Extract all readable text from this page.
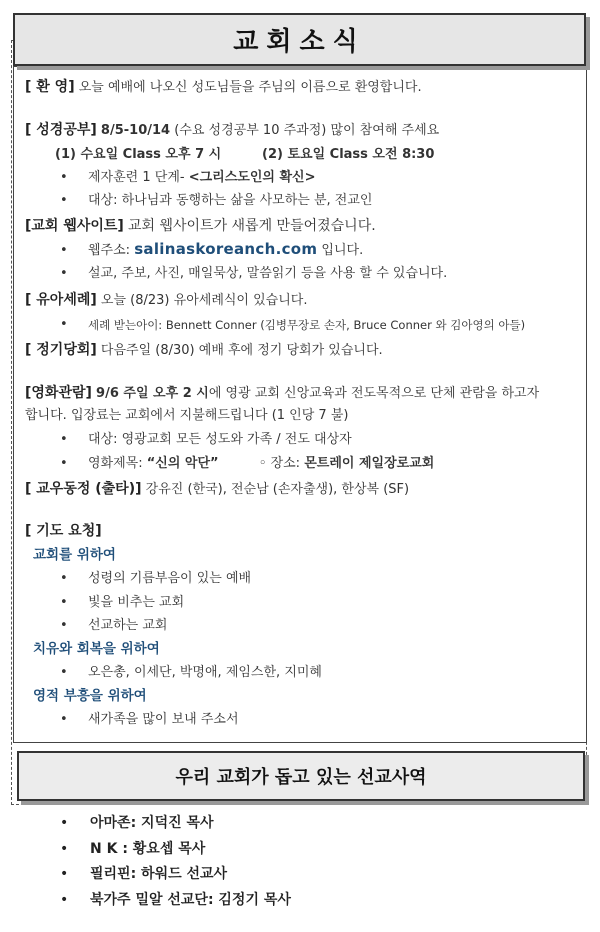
교회소식
[ 환 영] 오늘 예배에 나오신 성도님들을 주님의 이름으로 환영합니다.
[ 성경공부] 8/5-10/14 (수요 성경공부 10 주과정) 많이 참여해 주세요
(1) 수요일 Class 오후 7 시	(2) 토요일 Class 오전 8:30
• 제자훈련 1 단계- <그리스도인의 확신>
• 대상: 하나님과 동행하는 삶을 사모하는 분, 전교인
[교회 웹사이트] 교회 웹사이트가 새롭게 만들어졌습니다.
• 웹주소: salinaskoreanch.com 입니다.
• 설교, 주보, 사진, 매일묵상, 말씀읽기 등을 사용 할 수 있습니다.
[ 유아세례] 오늘 (8/23) 유아세례식이 있습니다.
• 세례 받는아이: Bennett Conner (김병무장로 손자, Bruce Conner 와 김아영의 아들)
[ 정기당회] 다음주일 (8/30) 예배 후에 정기 당회가 있습니다.
[영화관람] 9/6 주일 오후 2 시에 영광 교회 신앙교육과 전도목적으로 단체 관람을 하고자
합니다. 입장료는 교회에서 지불해드립니다 (1 인당 7 불)
• 대상: 영광교회 모든 성도와 가족 / 전도 대상자
• 영화제목: “신의 악단”	◦ 장소: 몬트레이 제일장로교회
[ 교우동정 (출타)] 강유진 (한국), 전순남 (손자출생), 한상복 (SF)
[ 기도 요청]
교회를 위하여
• 성령의 기름부음이 있는 예배
• 빛을 비추는 교회
• 선교하는 교회
치유와 회복을 위하여
• 오은총, 이세단, 박명애, 제임스한, 지미혜
영적 부흥을 위하여
• 새가족을 많이 보내 주소서
우리 교회가 돕고 있는 선교사역
• 아마존: 지덕진 목사
• N K : 황요셉 목사
• 필리핀: 하워드 선교사
• 북가주 밀알 선교단: 김정기 목사
